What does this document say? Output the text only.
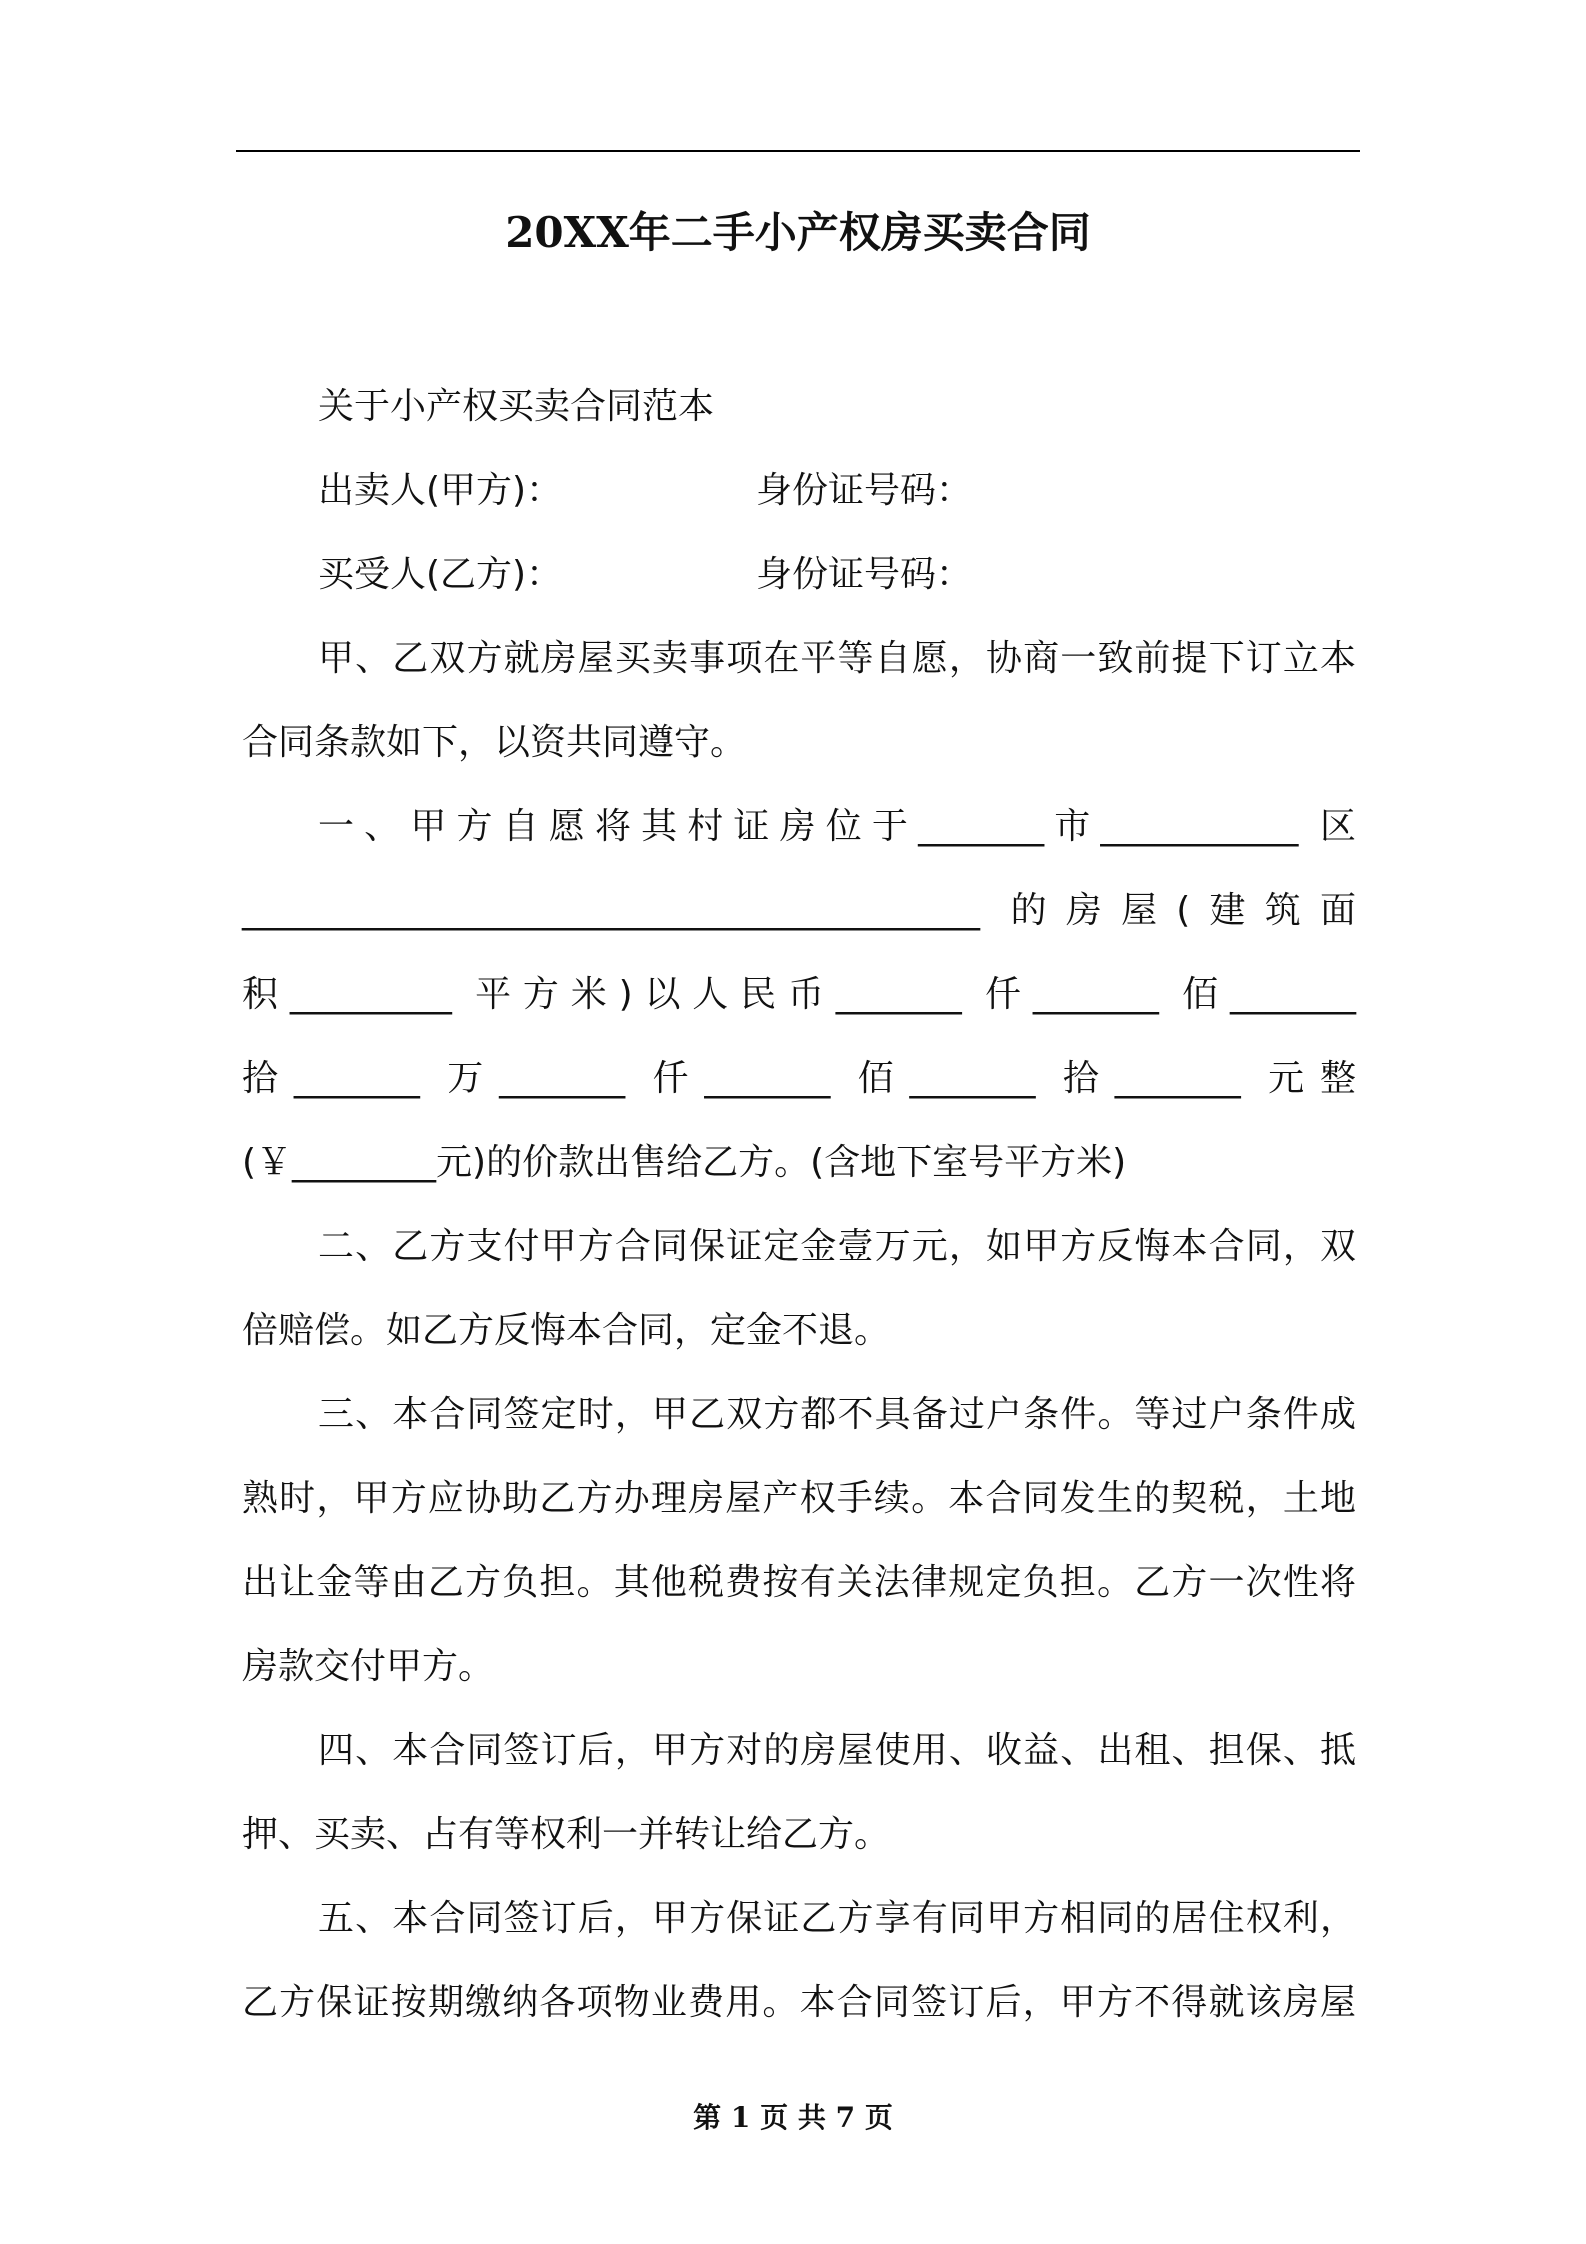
20XX年二手小产权房买卖合同
关于小产权买卖合同范本
出卖人(甲方)：	身份证号码：
买受人(乙方)：	身份证号码：
甲、乙双方就房屋买卖事项在平等自愿，协商一致前提下订立本
合同条款如下，以资共同遵守。
一、甲方自愿将其村证房位于_______市___________ 区
_________________________________________ 的房屋(建筑面
积_________ 平方米)以人民币_______ 仟_______ 佰_______
拾_______ 万_______ 仟_______ 佰_______ 拾_______ 元整
(￥________元)的价款出售给乙方。(含地下室号平方米)
二、乙方支付甲方合同保证定金壹万元，如甲方反悔本合同，双
倍赔偿。如乙方反悔本合同，定金不退。
三、本合同签定时，甲乙双方都不具备过户条件。等过户条件成
熟时，甲方应协助乙方办理房屋产权手续。本合同发生的契税，土地
出让金等由乙方负担。其他税费按有关法律规定负担。乙方一次性将
房款交付甲方。
四、本合同签订后，甲方对的房屋使用、收益、出租、担保、抵
押、买卖、占有等权利一并转让给乙方。
五、本合同签订后，甲方保证乙方享有同甲方相同的居住权利，
乙方保证按期缴纳各项物业费用。本合同签订后，甲方不得就该房屋
第 1 页 共 7 页
